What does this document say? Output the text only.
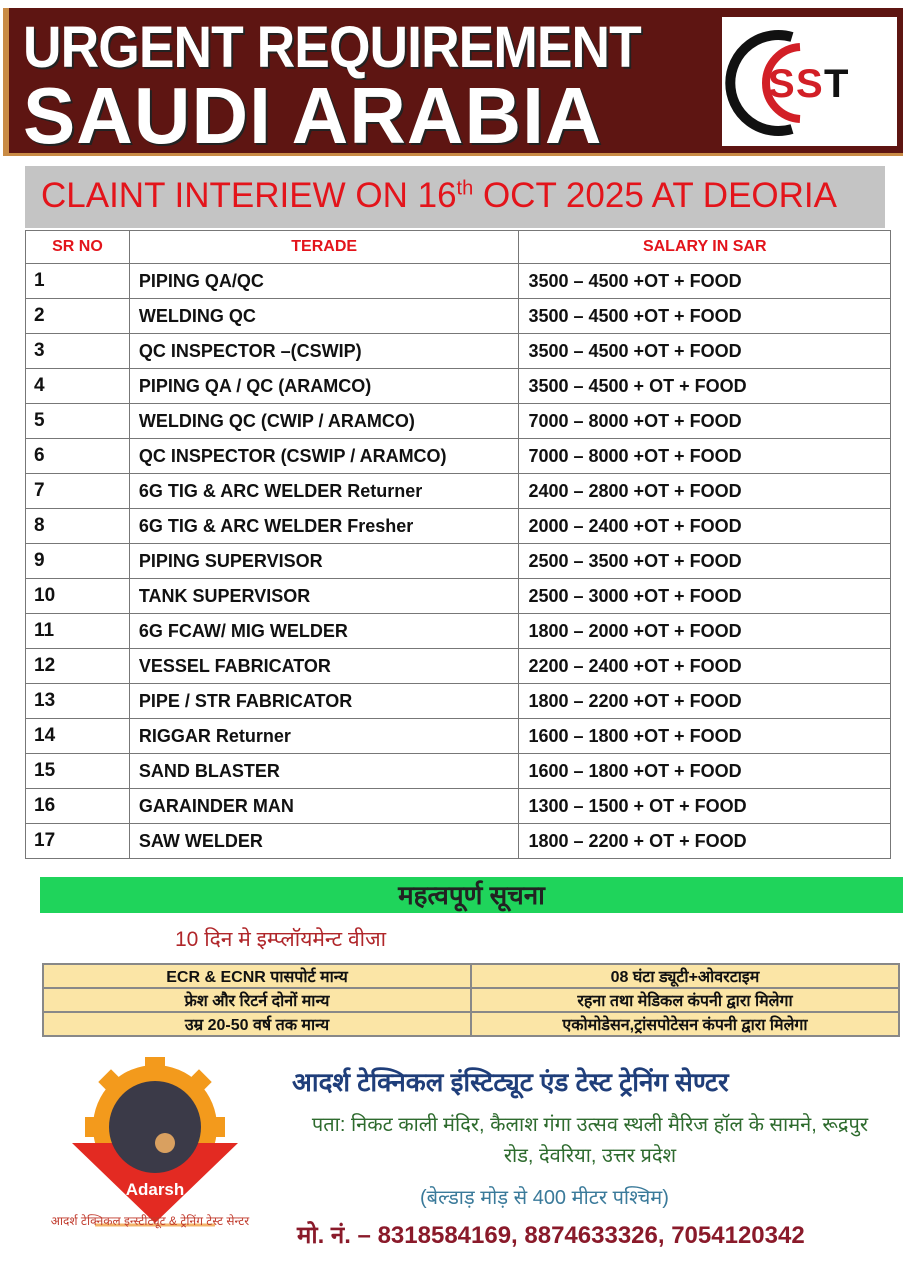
URGENT REQUIREMENT
SAUDI ARABIA	S S T
CLAINT INTERIEW ON 16th OCT 2025 AT DEORIA
SR NO	TERADE	SALARY IN SAR
1	PIPING QA/QC	3500 – 4500 +OT + FOOD
2	WELDING QC	3500 – 4500 +OT + FOOD
3	QC INSPECTOR –(CSWIP)	3500 – 4500 +OT + FOOD
4	PIPING QA / QC (ARAMCO)	3500 – 4500 + OT + FOOD
5	WELDING QC (CWIP / ARAMCO)	7000 – 8000 +OT + FOOD
6	QC INSPECTOR (CSWIP / ARAMCO)	7000 – 8000 +OT + FOOD
7	6G TIG & ARC WELDER Returner	2400 – 2800 +OT + FOOD
8	6G TIG & ARC WELDER Fresher	2000 – 2400 +OT + FOOD
9	PIPING SUPERVISOR	2500 – 3500 +OT + FOOD
10	TANK SUPERVISOR	2500 – 3000 +OT + FOOD
11	6G FCAW/ MIG WELDER	1800 – 2000 +OT + FOOD
12	VESSEL FABRICATOR	2200 – 2400 +OT + FOOD
13	PIPE / STR FABRICATOR	1800 – 2200 +OT + FOOD
14	RIGGAR Returner	1600 – 1800 +OT + FOOD
15	SAND BLASTER	1600 – 1800 +OT + FOOD
16	GARAINDER MAN	1300 – 1500 + OT + FOOD
17	SAW WELDER	1800 – 2200 + OT + FOOD
महत्वपूर्ण सूचना
10 दिन मे इम्प्लॉयमेन्ट वीजा
ECR & ECNR पासपोर्ट मान्य	08 घंटा ड्यूटी+ओवरटाइम
फ्रेश और रिटर्न दोनों मान्य	रहना तथा मेडिकल कंपनी द्वारा मिलेगा
उम्र 20-50 वर्ष तक मान्य	एकोमोडेसन,ट्रांसपोटेसन कंपनी द्वारा मिलेगा
Adarsh
आदर्श टेक्निकल इन्स्टीट्यूट & ट्रेनिंग टेस्ट सेन्टर
आदर्श टेक्निकल इंस्टिट्यूट एंड टेस्ट ट्रेनिंग सेण्टर
पता: निकट काली मंदिर, कैलाश गंगा उत्सव स्थली मैरिज हॉल के सामने, रूद्रपुर रोड, देवरिया, उत्तर प्रदेश
(बेल्डाड़ मोड़ से 400 मीटर पश्चिम)
मो. नं. – 8318584169, 8874633326, 7054120342
